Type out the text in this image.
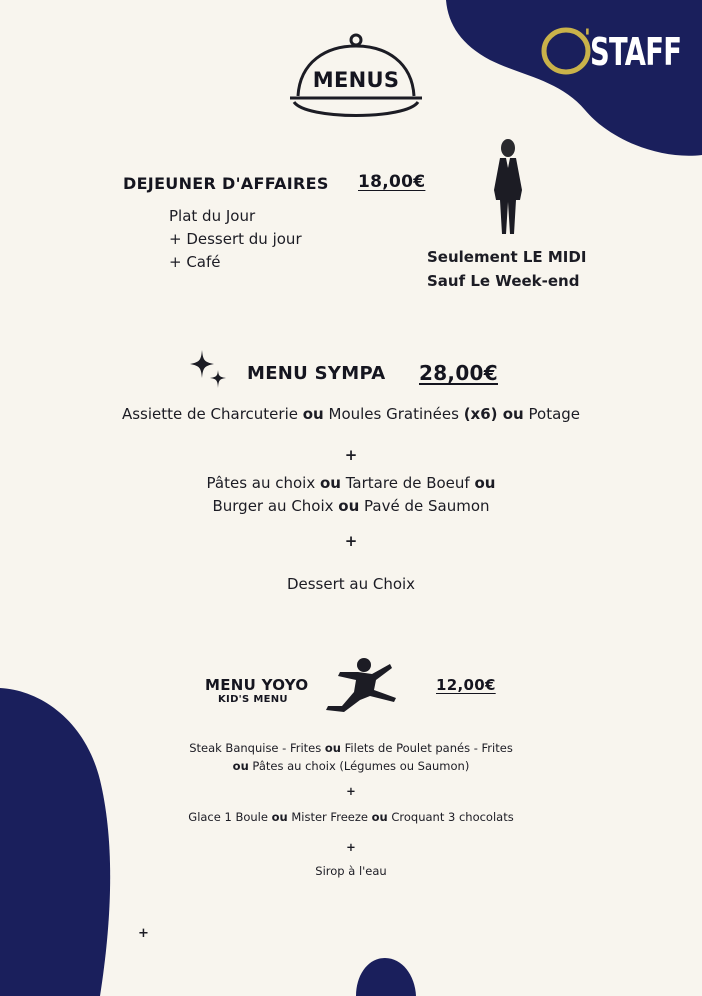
STAFF
'
MENUS
DEJEUNER D'AFFAIRES 18,00€
Plat du Jour
+ Dessert du jour
+ Café	Seulement LE MIDI
Sauf Le Week-end
MENU SYMPA 28,00€
Assiette de Charcuterie ou Moules Gratinées (x6) ou Potage
+
Pâtes au choix ou Tartare de Boeuf ou
Burger au Choix ou Pavé de Saumon
+
Dessert au Choix
MENU YOYO
KID'S MENU
12,00€
Steak Banquise - Frites ou Filets de Poulet panés - Frites
ou Pâtes au choix (Légumes ou Saumon)
+
Glace 1 Boule ou Mister Freeze ou Croquant 3 chocolats
+
Sirop à l'eau
+
